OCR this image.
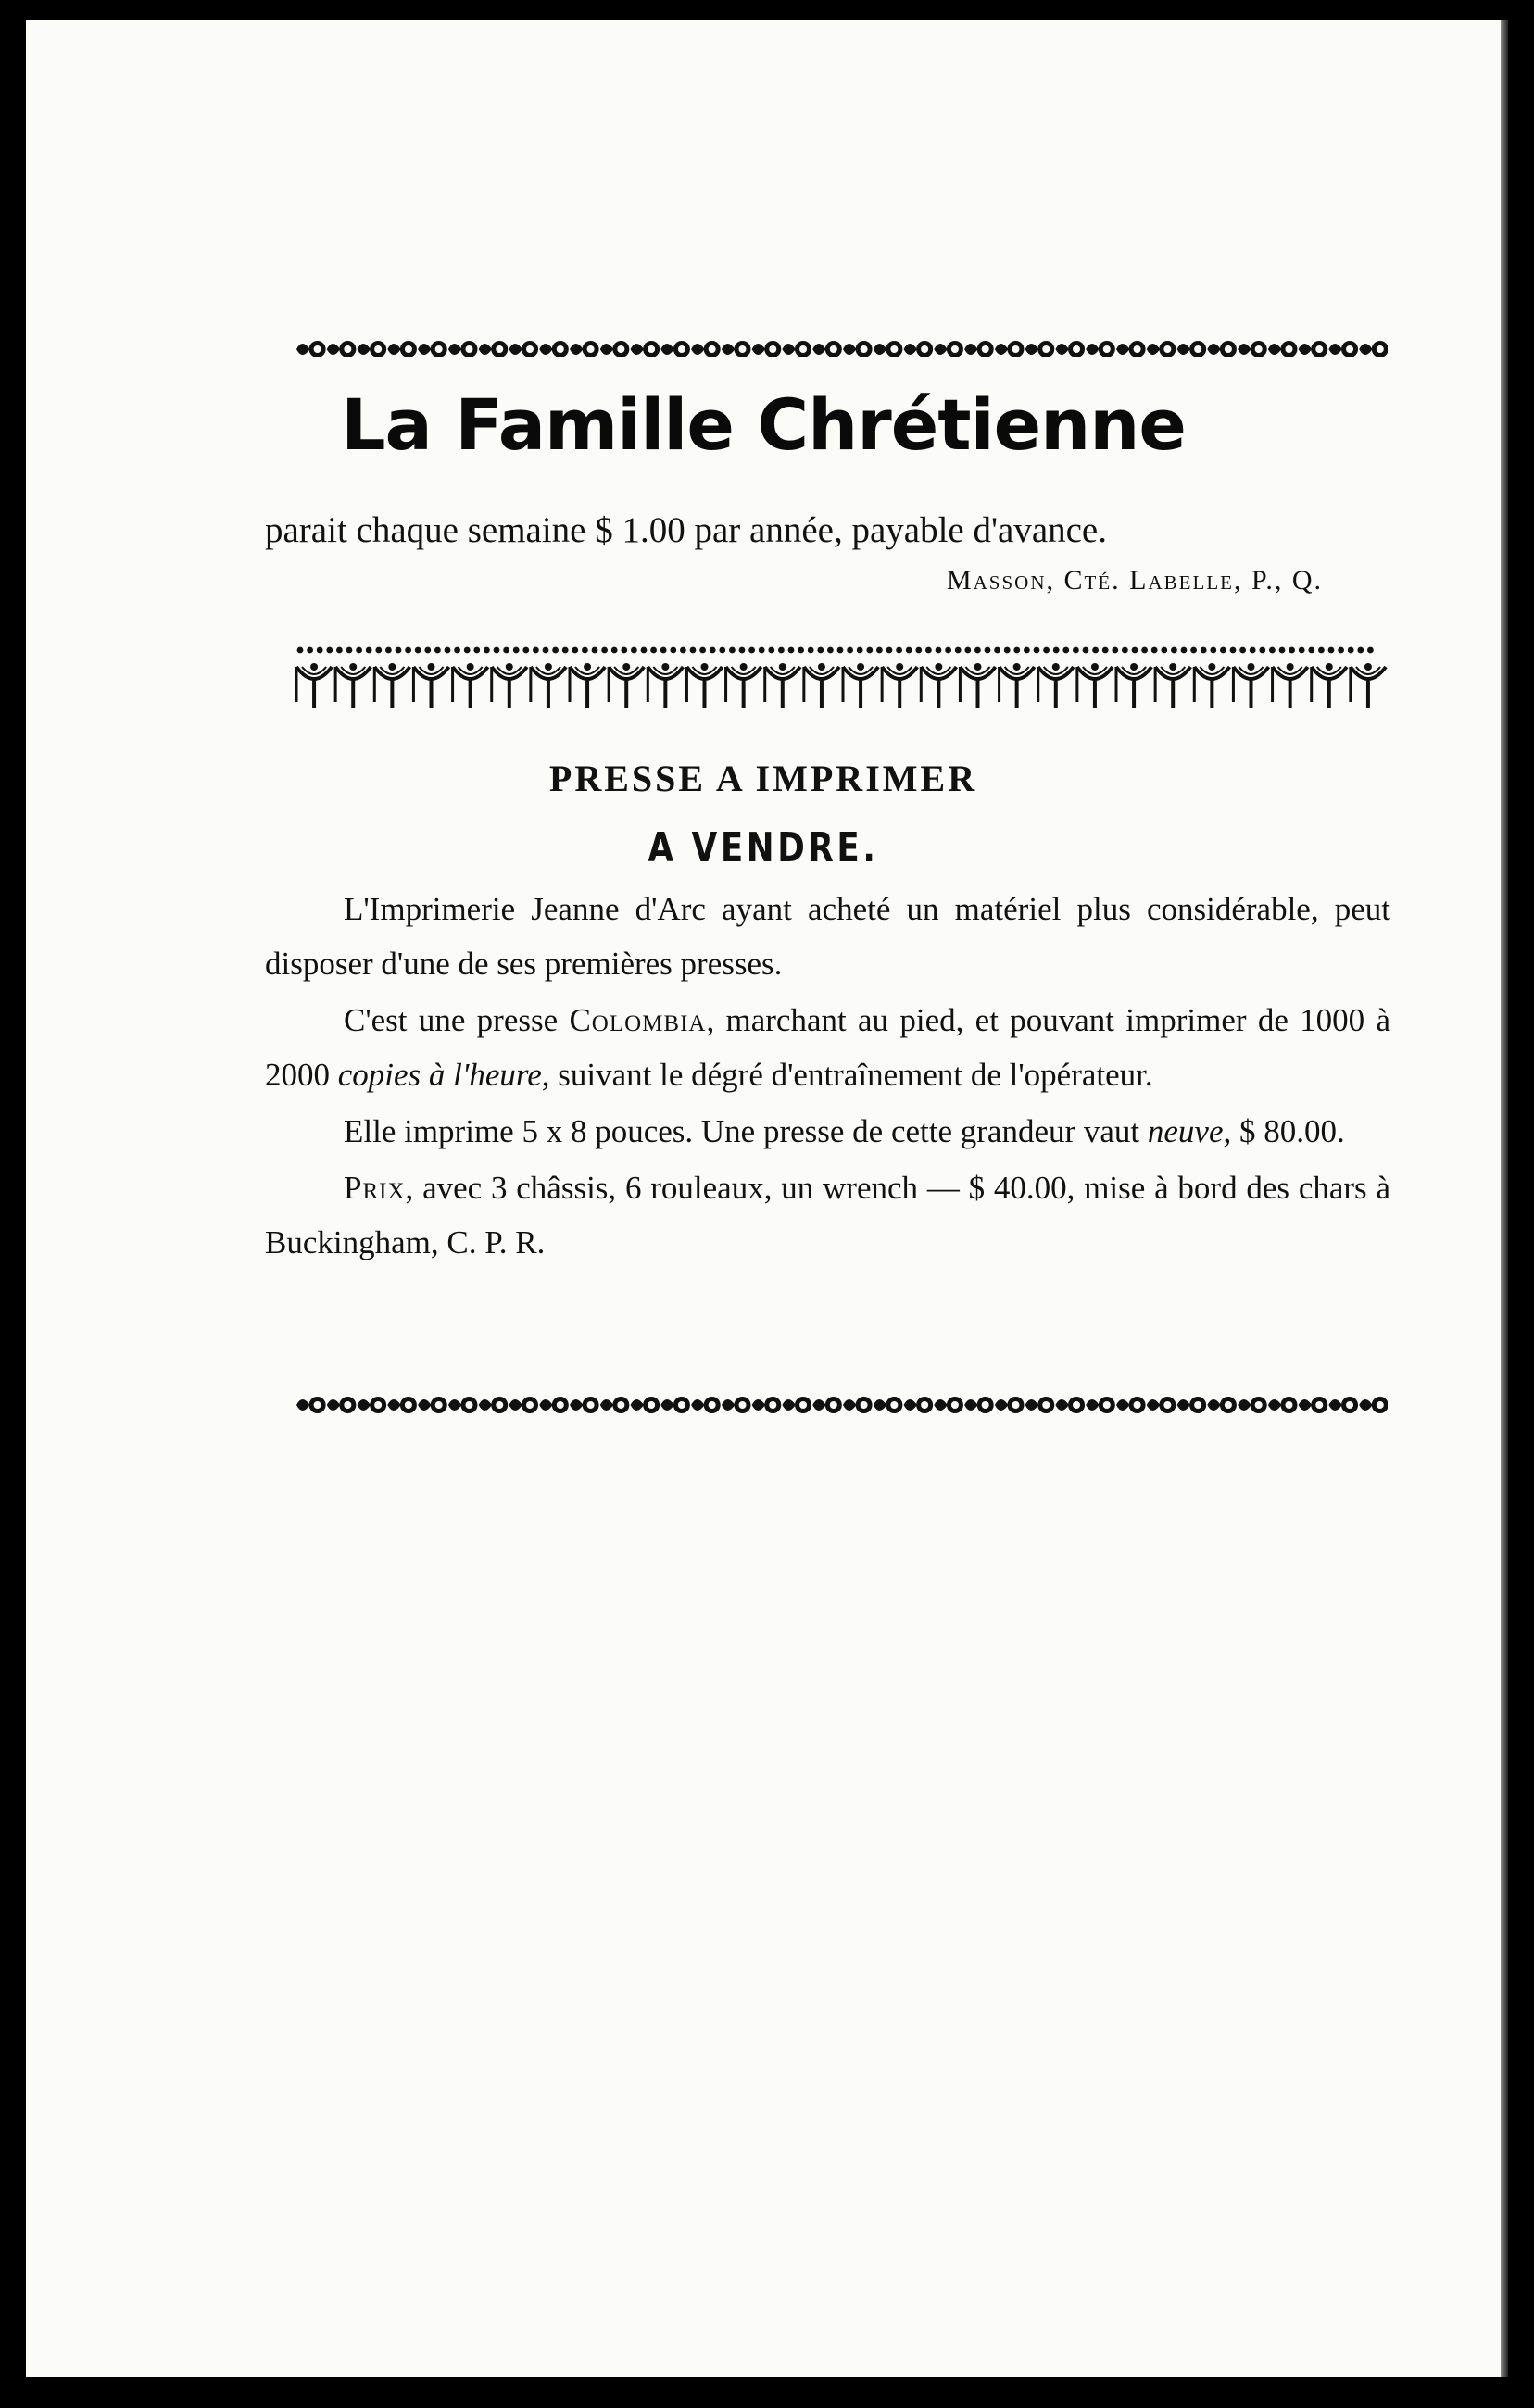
La Famille Chrétienne
parait chaque semaine $ 1.00 par année, payable d'avance.
Masson, Cté. Labelle, P., Q.
PRESSE A IMPRIMER
A VENDRE.

L'Imprimerie Jeanne d'Arc ayant acheté un matériel plus considérable, peut disposer d'une de ses premières presses.

C'est une presse Colombia, marchant au pied, et pouvant imprimer de 1000 à 2000 copies à l'heure, suivant le dégré d'entraînement de l'opérateur.

Elle imprime 5 x 8 pouces. Une presse de cette grandeur vaut neuve, $ 80.00.

Prix, avec 3 châssis, 6 rouleaux, un wrench — $ 40.00, mise à bord des chars à Buckingham, C. P. R.
